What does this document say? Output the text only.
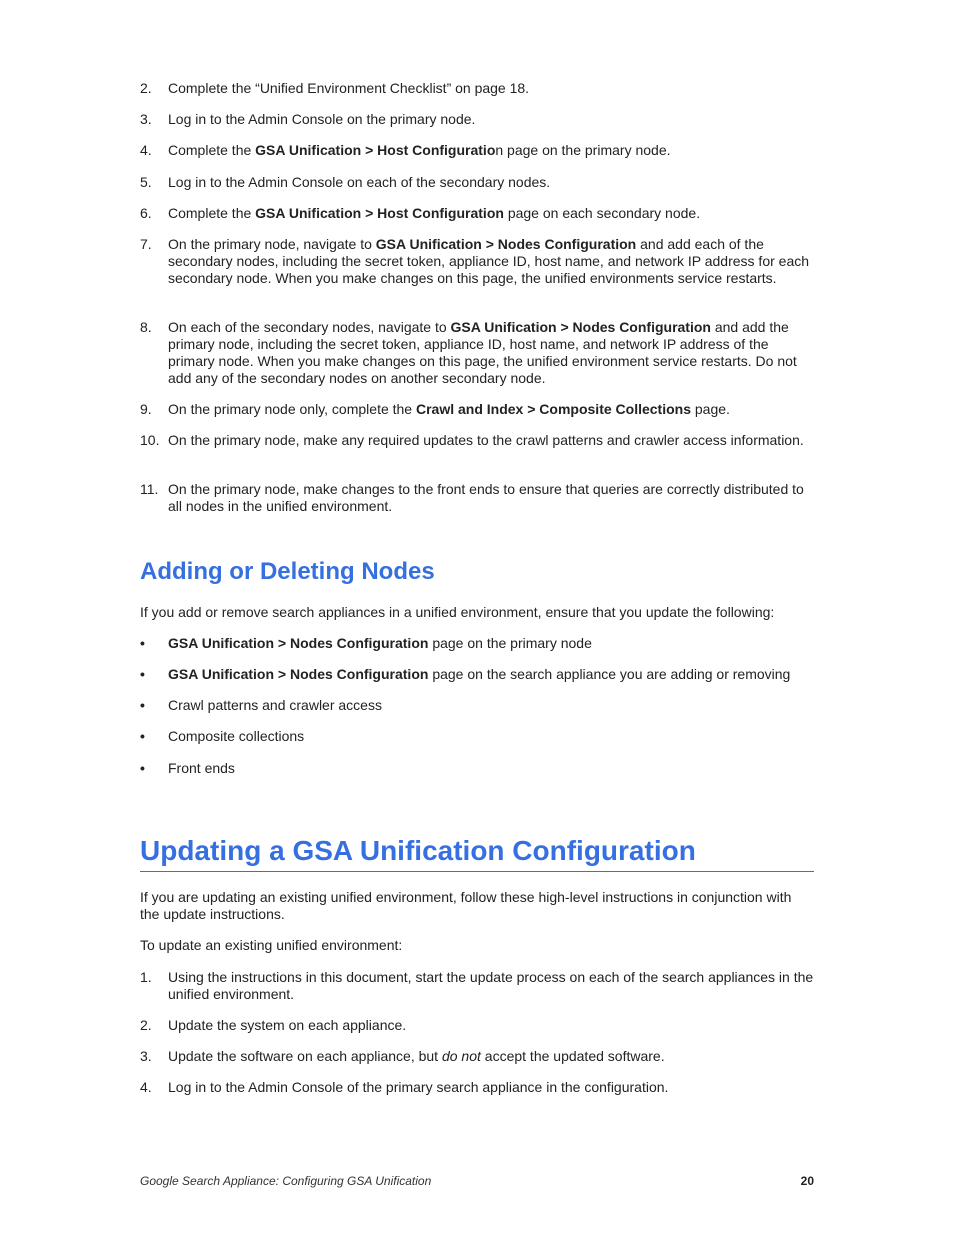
2.	Complete the “Unified Environment Checklist” on page 18.
3.	Log in to the Admin Console on the primary node.
4.	Complete the GSA Unification > Host Configuration page on the primary node.
5.	Log in to the Admin Console on each of the secondary nodes.
6.	Complete the GSA Unification > Host Configuration page on each secondary node.
7.	On the primary node, navigate to GSA Unification > Nodes Configuration and add each of the secondary nodes, including the secret token, appliance ID, host name, and network IP address for each secondary node. When you make changes on this page, the unified environments service restarts.
8.	On each of the secondary nodes, navigate to GSA Unification > Nodes Configuration and add the primary node, including the secret token, appliance ID, host name, and network IP address of the primary node. When you make changes on this page, the unified environment service restarts. Do not add any of the secondary nodes on another secondary node.
9.	On the primary node only, complete the Crawl and Index > Composite Collections page.
10. On the primary node, make any required updates to the crawl patterns and crawler access information.
11. On the primary node, make changes to the front ends to ensure that queries are correctly distributed to all nodes in the unified environment.
Adding or Deleting Nodes
If you add or remove search appliances in a unified environment, ensure that you update the following:
• GSA Unification > Nodes Configuration page on the primary node
• GSA Unification > Nodes Configuration page on the search appliance you are adding or removing
• Crawl patterns and crawler access
• Composite collections
• Front ends
Updating a GSA Unification Configuration
If you are updating an existing unified environment, follow these high-level instructions in conjunction with the update instructions.
To update an existing unified environment:
1.	Using the instructions in this document, start the update process on each of the search appliances in the unified environment.
2.	Update the system on each appliance.
3.	Update the software on each appliance, but do not accept the updated software.
4.	Log in to the Admin Console of the primary search appliance in the configuration.
Google Search Appliance: Configuring GSA Unification	20
